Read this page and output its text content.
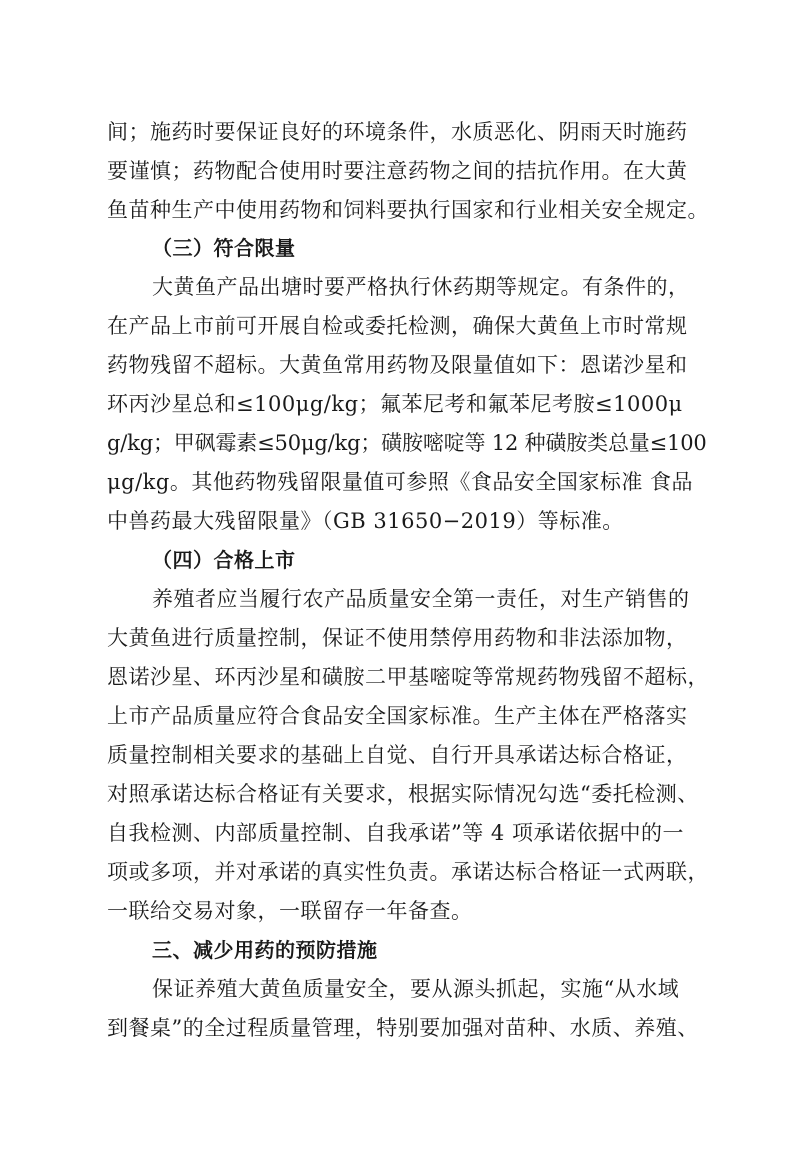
间；施药时要保证良好的环境条件，水质恶化、阴雨天时施药
要谨慎；药物配合使用时要注意药物之间的拮抗作用。在大黄
鱼苗种生产中使用药物和饲料要执行国家和行业相关安全规定。
（三）符合限量
大黄鱼产品出塘时要严格执行休药期等规定。有条件的，
在产品上市前可开展自检或委托检测，确保大黄鱼上市时常规
药物残留不超标。大黄鱼常用药物及限量值如下：恩诺沙星和
环丙沙星总和≤100μg/kg；氟苯尼考和氟苯尼考胺≤1000μ
g/kg；甲砜霉素≤50μg/kg；磺胺嘧啶等 12 种磺胺类总量≤100
μg/kg。其他药物残留限量值可参照《食品安全国家标准 食品
中兽药最大残留限量》（GB 31650−2019）等标准。
（四）合格上市
养殖者应当履行农产品质量安全第一责任，对生产销售的
大黄鱼进行质量控制，保证不使用禁停用药物和非法添加物，
恩诺沙星、环丙沙星和磺胺二甲基嘧啶等常规药物残留不超标，
上市产品质量应符合食品安全国家标准。生产主体在严格落实
质量控制相关要求的基础上自觉、自行开具承诺达标合格证，
对照承诺达标合格证有关要求，根据实际情况勾选“委托检测、
自我检测、内部质量控制、自我承诺”等 4 项承诺依据中的一
项或多项，并对承诺的真实性负责。承诺达标合格证一式两联，
一联给交易对象，一联留存一年备查。
三、减少用药的预防措施
保证养殖大黄鱼质量安全，要从源头抓起，实施“从水域
到餐桌”的全过程质量管理，特别要加强对苗种、水质、养殖、
